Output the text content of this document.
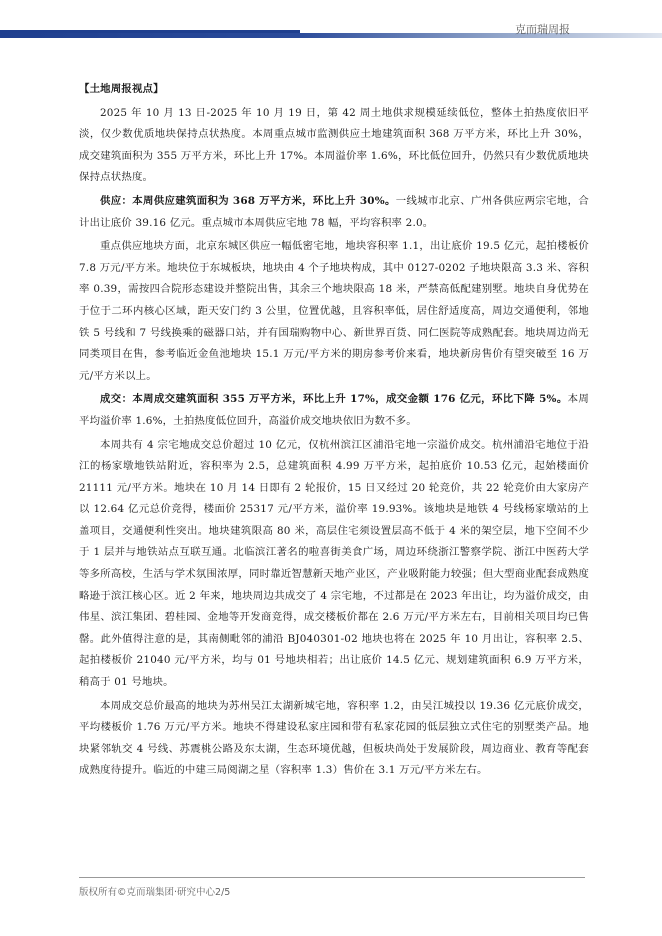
克而瑞周报
【土地周报视点】

2025 年 10 月 13 日-2025 年 10 月 19 日，第 42 周土地供求规模延续低位，整体土拍热度依旧平淡，仅少数优质地块保持点状热度。本周重点城市监测供应土地建筑面积 368 万平方米，环比上升 30%，成交建筑面积为 355 万平方米，环比上升 17%。本周溢价率 1.6%，环比低位回升，仍然只有少数优质地块保持点状热度。

供应：本周供应建筑面积为 368 万平方米，环比上升 30%。一线城市北京、广州各供应两宗宅地，合计出让底价 39.16 亿元。重点城市本周供应宅地 78 幅，平均容积率 2.0。

重点供应地块方面，北京东城区供应一幅低密宅地，地块容积率 1.1，出让底价 19.5 亿元，起拍楼板价 7.8 万元/平方米。地块位于东城板块，地块由 4 个子地块构成，其中 0127-0202 子地块限高 3.3 米、容积率 0.39，需按四合院形态建设并整院出售，其余三个地块限高 18 米，严禁高低配建别墅。地块自身优势在于位于二环内核心区域，距天安门约 3 公里，位置优越，且容积率低，居住舒适度高，周边交通便利，邻地铁 5 号线和 7 号线换乘的磁器口站，并有国瑞购物中心、新世界百货、同仁医院等成熟配套。地块周边尚无同类项目在售，参考临近金鱼池地块 15.1 万元/平方米的期房参考价来看，地块新房售价有望突破至 16 万元/平方米以上。

成交：本周成交建筑面积 355 万平方米，环比上升 17%，成交金额 176 亿元，环比下降 5%。本周平均溢价率 1.6%，土拍热度低位回升，高溢价成交地块依旧为数不多。

本周共有 4 宗宅地成交总价超过 10 亿元，仅杭州滨江区浦沿宅地一宗溢价成交。杭州浦沿宅地位于沿江的杨家墩地铁站附近，容积率为 2.5，总建筑面积 4.99 万平方米，起拍底价 10.53 亿元，起始楼面价 21111 元/平方米。地块在 10 月 14 日即有 2 轮报价，15 日又经过 20 轮竞价，共 22 轮竞价由大家房产以 12.64 亿元总价竞得，楼面价 25317 元/平方米，溢价率 19.93%。该地块是地铁 4 号线杨家墩站的上盖项目，交通便利性突出。地块建筑限高 80 米，高层住宅须设置层高不低于 4 米的架空层，地下空间不少于 1 层并与地铁站点互联互通。北临滨江著名的啦喜街美食广场，周边环绕浙江警察学院、浙江中医药大学等多所高校，生活与学术氛围浓厚，同时靠近智慧新天地产业区，产业吸附能力较强；但大型商业配套成熟度略逊于滨江核心区。近 2 年来，地块周边共成交了 4 宗宅地，不过都是在 2023 年出让，均为溢价成交，由伟星、滨江集团、碧桂园、金地等开发商竞得，成交楼板价都在 2.6 万元/平方米左右，目前相关项目均已售罄。此外值得注意的是，其南侧毗邻的浦沿 BJ040301-02 地块也将在 2025 年 10 月出让，容积率 2.5、起拍楼板价 21040 元/平方米，均与 01 号地块相若；出让底价 14.5 亿元、规划建筑面积 6.9 万平方米，稍高于 01 号地块。

本周成交总价最高的地块为苏州吴江太湖新城宅地，容积率 1.2，由吴江城投以 19.36 亿元底价成交，平均楼板价 1.76 万元/平方米。地块不得建设私家庄园和带有私家花园的低层独立式住宅的别墅类产品。地块紧邻轨交 4 号线、苏震桃公路及东太湖，生态环境优越，但板块尚处于发展阶段，周边商业、教育等配套成熟度待提升。临近的中建三局阅湖之星（容积率 1.3）售价在 3.1 万元/平方米左右。

版权所有©克而瑞集团·研究中心2/5
